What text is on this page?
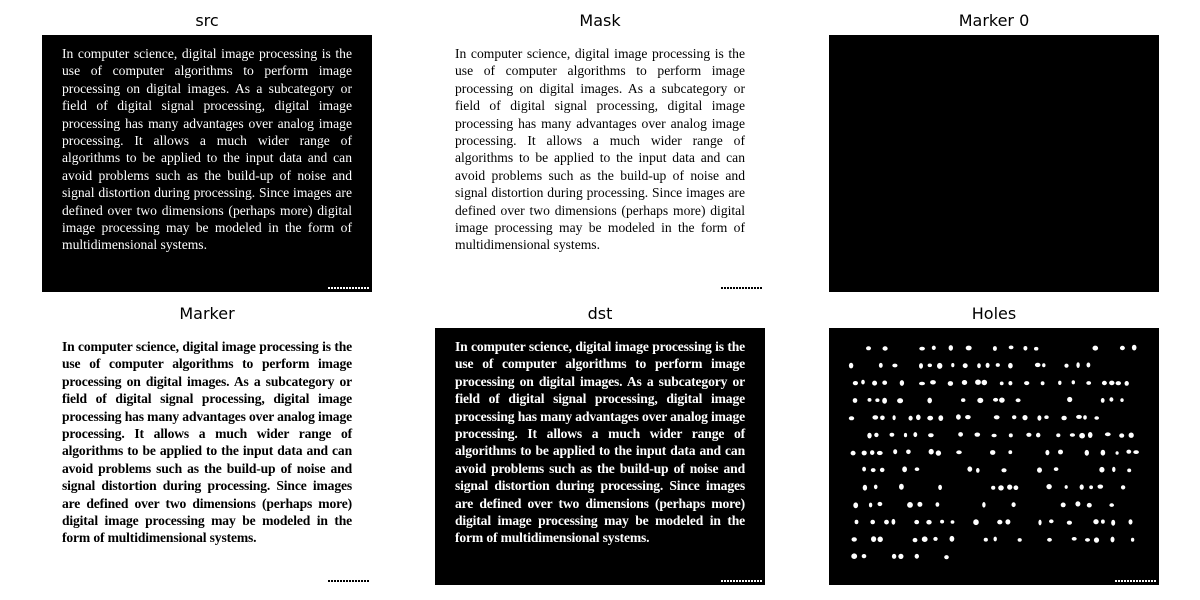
src
In computer science, digital image processing is the use of computer algorithms to perform image processing on digital images. As a subcategory or field of digital signal processing, digital image processing has many advantages over analog image processing. It allows a much wider range of algorithms to be applied to the input data and can avoid problems such as the build-up of noise and signal distortion during processing. Since images are defined over two dimensions (perhaps more) digital image processing may be modeled in the form of multidimensional systems.
Mask
In computer science, digital image processing is the use of computer algorithms to perform image processing on digital images. As a subcategory or field of digital signal processing, digital image processing has many advantages over analog image processing. It allows a much wider range of algorithms to be applied to the input data and can avoid problems such as the build-up of noise and signal distortion during processing. Since images are defined over two dimensions (perhaps more) digital image processing may be modeled in the form of multidimensional systems.
Marker 0
Marker
In computer science, digital image processing is the use of computer algorithms to perform image processing on digital images. As a subcategory or field of digital signal processing, digital image processing has many advantages over analog image processing. It allows a much wider range of algorithms to be applied to the input data and can avoid problems such as the build-up of noise and signal distortion during processing. Since images are defined over two dimensions (perhaps more) digital image processing may be modeled in the form of multidimensional systems.
dst
In computer science, digital image processing is the use of computer algorithms to perform image processing on digital images. As a subcategory or field of digital signal processing, digital image processing has many advantages over analog image processing. It allows a much wider range of algorithms to be applied to the input data and can avoid problems such as the build-up of noise and signal distortion during processing. Since images are defined over two dimensions (perhaps more) digital image processing may be modeled in the form of multidimensional systems.
Holes
